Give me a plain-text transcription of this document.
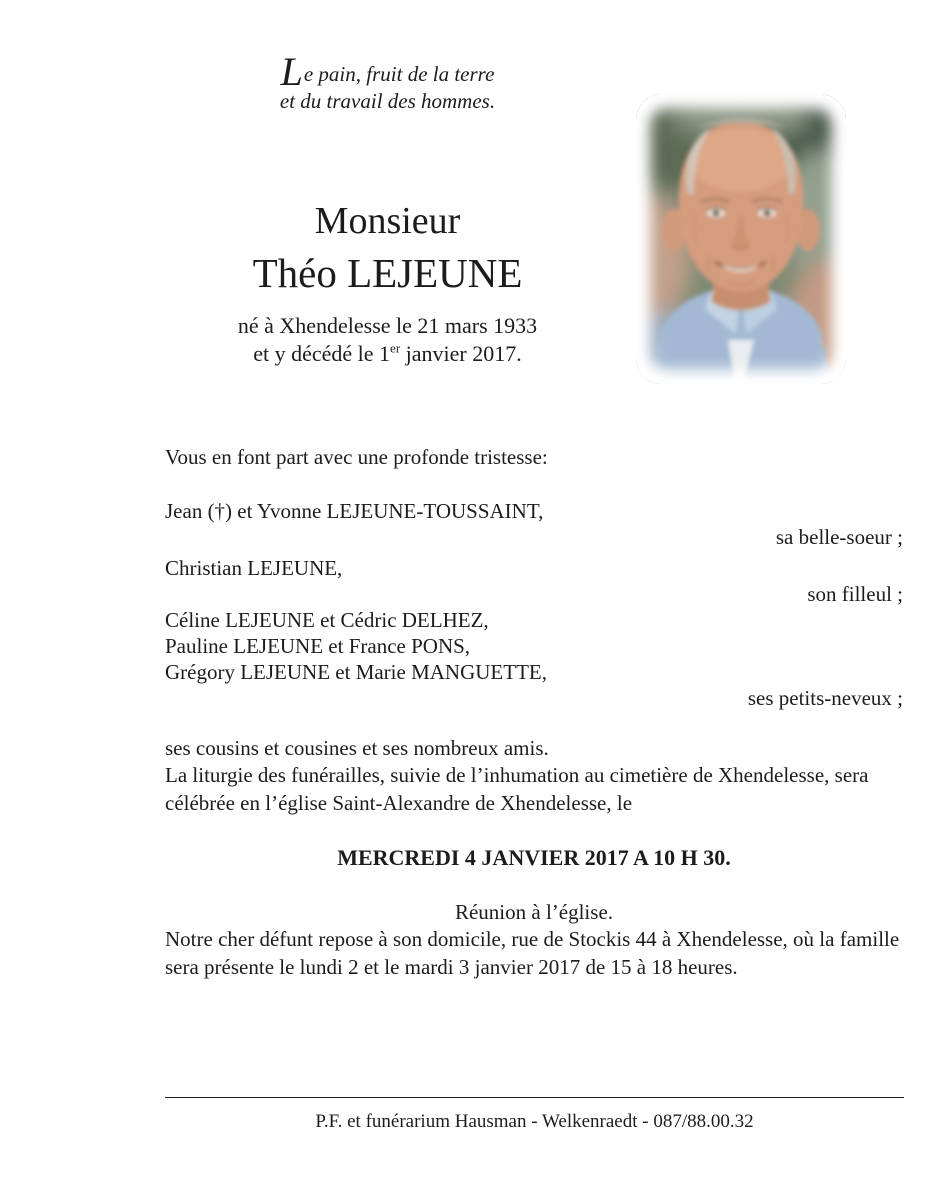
Le pain, fruit de la terre
et du travail des hommes.
Monsieur
Théo LEJEUNE
né à Xhendelesse le 21 mars 1933
et y décédé le 1er janvier 2017.

Vous en font part avec une profonde tristesse:

Jean (†) et Yvonne LEJEUNE-TOUSSAINT,

sa belle-soeur ;

Christian LEJEUNE,

son filleul ;

Céline LEJEUNE et Cédric DELHEZ,

Pauline LEJEUNE et France PONS,

Grégory LEJEUNE et Marie MANGUETTE,

ses petits-neveux ;

ses cousins et cousines et ses nombreux amis.

La liturgie des funérailles, suivie de l’inhumation au cimetière de Xhendelesse, sera célébrée en l’église Saint-Alexandre de Xhendelesse, le

MERCREDI 4 JANVIER 2017 A 10 H 30.

Réunion à l’église.

Notre cher défunt repose à son domicile, rue de Stockis 44 à Xhendelesse, où la famille sera présente le lundi 2 et le mardi 3 janvier 2017 de 15 à 18 heures.

P.F. et funérarium Hausman - Welkenraedt - 087/88.00.32
